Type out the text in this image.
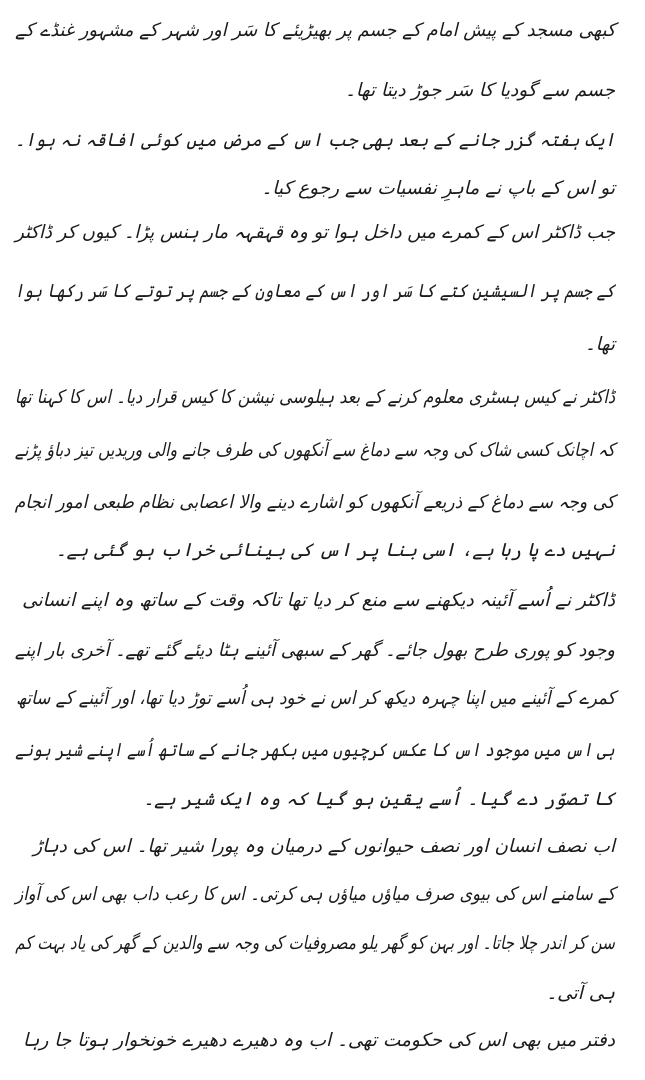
کبھی مسجد کے پیش امام کے جسم پر بھیڑیئے کا سَر اور شہر کے مشہور غنڈے کے
جسم سے گودیا کا سَر جوڑ دیتا تھا۔
ایک ہفتہ گزر جانے کے بعد بھی جب اس کے مرض میں کوئی افاقہ نہ ہوا۔
تو اس کے باپ نے ماہرِ نفسیات سے رجوع کیا۔
جب ڈاکٹر اس کے کمرے میں داخل ہوا تو وہ قہقہہ مار ہنس پڑا۔ کیوں کر ڈاکٹر
کے جسم پر السیشین کتے کا سَر اور اس کے معاون کے جسم پر توتے کا سَر رکھا ہوا
تھا۔
ڈاکٹر نے کیس ہسٹری معلوم کرنے کے بعد ہیلوسی نیشن کا کیس قرار دیا۔ اس کا کہنا تھا
کہ اچانک کسی شاک کی وجہ سے دماغ سے آنکھوں کی طرف جانے والی وریدیں تیز دباؤ پڑنے
کی وجہ سے دماغ کے ذریعے آنکھوں کو اشارے دینے والا اعصابی نظام طبعی امور انجام
نہیں دے پا رہا ہے، اسی بنا پر اس کی بینائی خراب ہو گئی ہے۔
ڈاکٹر نے اُسے آئینہ دیکھنے سے منع کر دیا تھا تاکہ وقت کے ساتھ وہ اپنے انسانی
وجود کو پوری طرح بھول جائے۔ گھر کے سبھی آئینے ہٹا دیئے گئے تھے۔ آخری بار اپنے
کمرے کے آئینے میں اپنا چہرہ دیکھ کر اس نے خود ہی اُسے توڑ دیا تھا، اور آئینے کے ساتھ
ہی اس میں موجود اس کا عکس کرچیوں میں بکھر جانے کے ساتھ اُسے اپنے شیر ہونے
کا تصوّر دے گیا۔ اُسے یقین ہو گیا کہ وہ ایک شیر ہے۔
اب نصف انسان اور نصف حیوانوں کے درمیان وہ پورا شیر تھا۔ اس کی دہاڑ
کے سامنے اس کی بیوی صرف میاؤں میاؤں ہی کرتی۔ اس کا رعب داب بھی اس کی آواز
سن کر اندر چلا جاتا۔ اور بہن کو گھر یلو مصروفیات کی وجہ سے والدین کے گھر کی یاد بہت کم
ہی آتی۔
دفتر میں بھی اس کی حکومت تھی۔ اب وہ دھیرے دھیرے خونخوار ہوتا جا رہا
